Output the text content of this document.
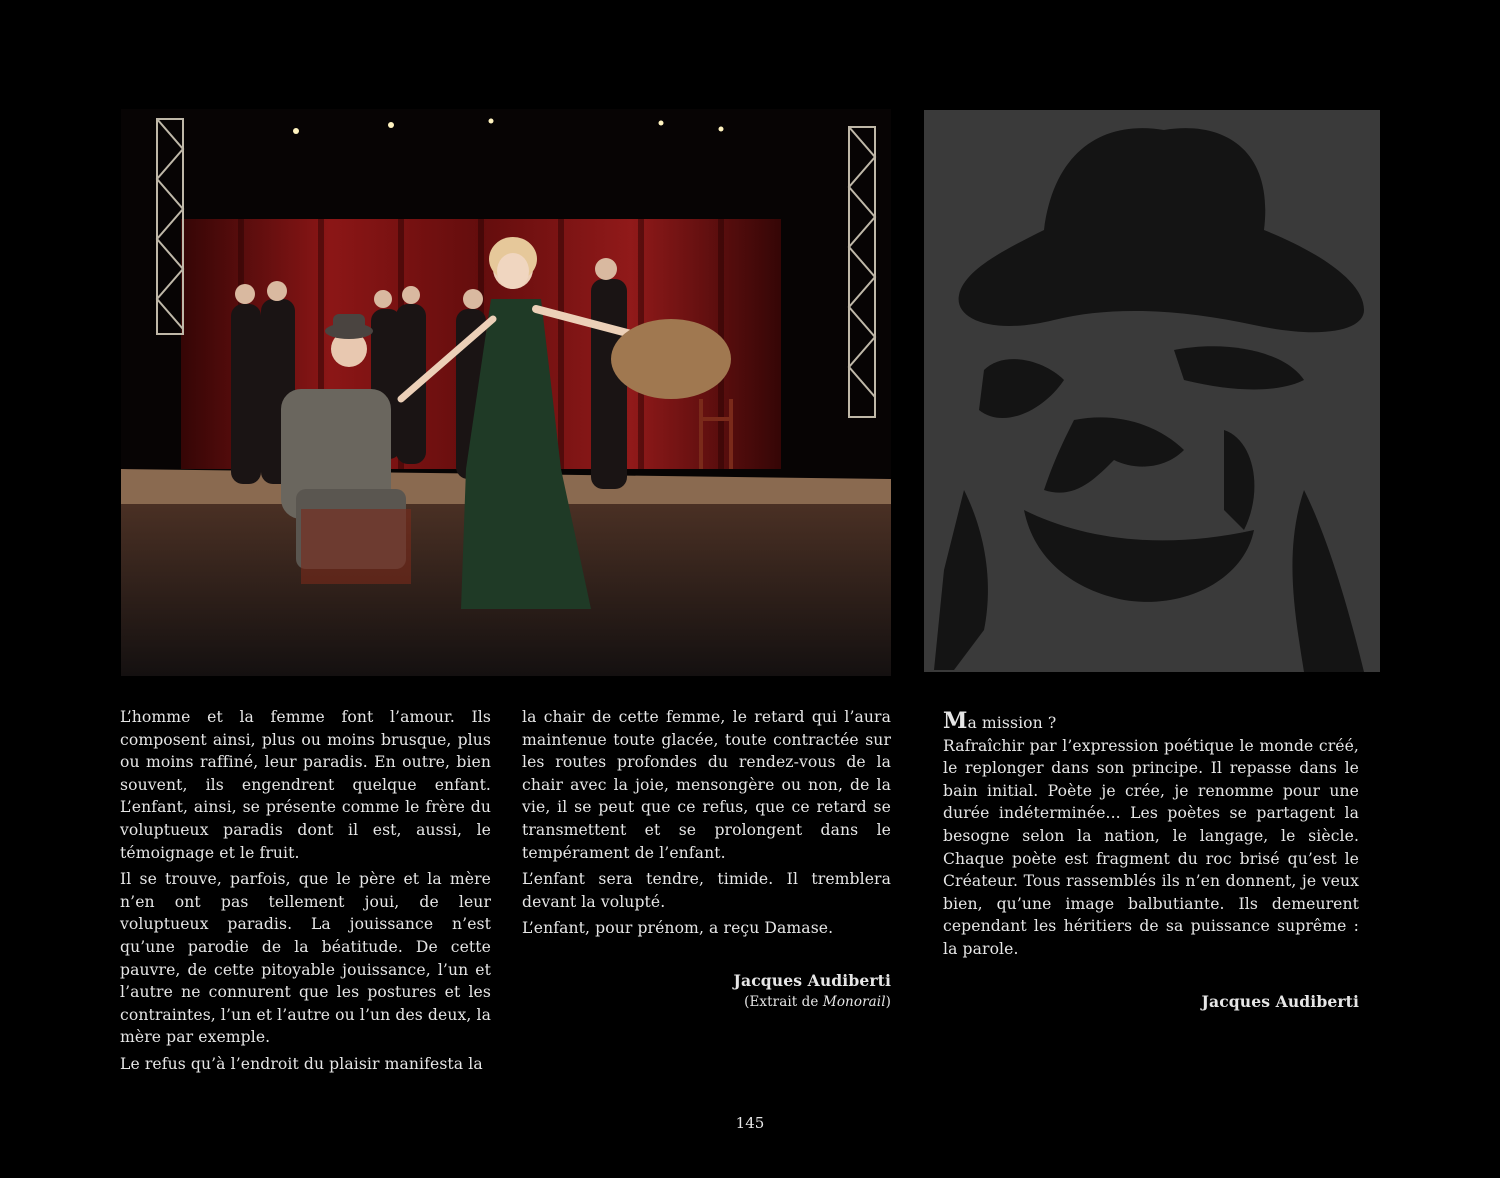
L’homme et la femme font l’amour. Ils composent ainsi, plus ou moins brusque, plus ou moins raffiné, leur paradis. En outre, bien souvent, ils engendrent quelque enfant. L’enfant, ainsi, se présente comme le frère du voluptueux paradis dont il est, aussi, le témoignage et le fruit.

Il se trouve, parfois, que le père et la mère n’en ont pas tellement joui, de leur voluptueux paradis. La jouissance n’est qu’une parodie de la béatitude. De cette pauvre, de cette pitoyable jouissance, l’un et l’autre ne connurent que les postures et les contraintes, l’un et l’autre ou l’un des deux, la mère par exemple.

Le refus qu’à l’endroit du plaisir manifesta la

la chair de cette femme, le retard qui l’aura maintenue toute glacée, toute contractée sur les routes profondes du rendez-vous de la chair avec la joie, mensongère ou non, de la vie, il se peut que ce refus, que ce retard se transmettent et se prolongent dans le tempérament de l’enfant.

L’enfant sera tendre, timide. Il tremblera devant la volupté.

L’enfant, pour prénom, a reçu Damase.

Jacques Audiberti
(Extrait de Monorail)
Ma mission ?

Rafraîchir par l’expression poétique le monde créé, le replonger dans son principe. Il repasse dans le bain initial. Poète je crée, je renomme pour une durée indéterminée... Les poètes se partagent la besogne selon la nation, le langage, le siècle. Chaque poète est fragment du roc brisé qu’est le Créateur. Tous rassemblés ils n’en donnent, je veux bien, qu’une image balbutiante. Ils demeurent cependant les héritiers de sa puissance suprême : la parole.

Jacques Audiberti
145
